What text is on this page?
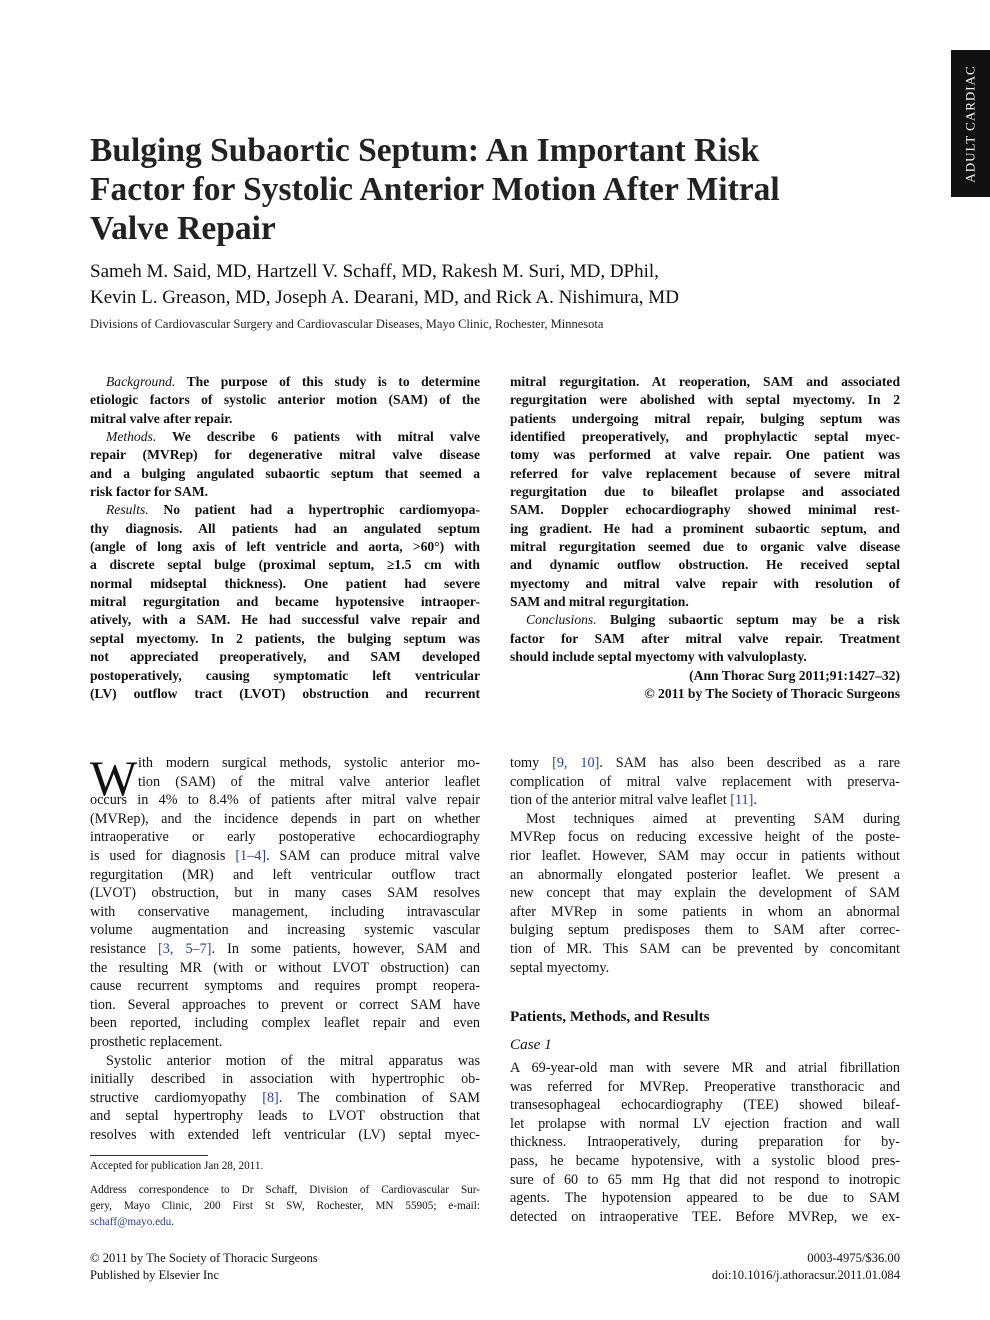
ADULT CARDIAC
Bulging Subaortic Septum: An Important Risk
Factor for Systolic Anterior Motion After Mitral
Valve Repair
Sameh M. Said, MD, Hartzell V. Schaff, MD, Rakesh M. Suri, MD, DPhil,
Kevin L. Greason, MD, Joseph A. Dearani, MD, and Rick A. Nishimura, MD
Divisions of Cardiovascular Surgery and Cardiovascular Diseases, Mayo Clinic, Rochester, Minnesota
Background. The purpose of this study is to determine
etiologic factors of systolic anterior motion (SAM) of the
mitral valve after repair.
Methods. We describe 6 patients with mitral valve
repair (MVRep) for degenerative mitral valve disease
and a bulging angulated subaortic septum that seemed a
risk factor for SAM.
Results. No patient had a hypertrophic cardiomyopa-
thy diagnosis. All patients had an angulated septum
(angle of long axis of left ventricle and aorta, >60°) with
a discrete septal bulge (proximal septum, ≥1.5 cm with
normal midseptal thickness). One patient had severe
mitral regurgitation and became hypotensive intraoper-
atively, with a SAM. He had successful valve repair and
septal myectomy. In 2 patients, the bulging septum was
not appreciated preoperatively, and SAM developed
postoperatively, causing symptomatic left ventricular
(LV) outflow tract (LVOT) obstruction and recurrent
mitral regurgitation. At reoperation, SAM and associated
regurgitation were abolished with septal myectomy. In 2
patients undergoing mitral repair, bulging septum was
identified preoperatively, and prophylactic septal myec-
tomy was performed at valve repair. One patient was
referred for valve replacement because of severe mitral
regurgitation due to bileaflet prolapse and associated
SAM. Doppler echocardiography showed minimal rest-
ing gradient. He had a prominent subaortic septum, and
mitral regurgitation seemed due to organic valve disease
and dynamic outflow obstruction. He received septal
myectomy and mitral valve repair with resolution of
SAM and mitral regurgitation.
Conclusions. Bulging subaortic septum may be a risk
factor for SAM after mitral valve repair. Treatment
should include septal myectomy with valvuloplasty.
(Ann Thorac Surg 2011;91:1427–32)
© 2011 by The Society of Thoracic Surgeons
W ith modern surgical methods, systolic anterior mo-
tion (SAM) of the mitral valve anterior leaflet
occurs in 4% to 8.4% of patients after mitral valve repair
(MVRep), and the incidence depends in part on whether
intraoperative or early postoperative echocardiography
is used for diagnosis [1–4]. SAM can produce mitral valve
regurgitation (MR) and left ventricular outflow tract
(LVOT) obstruction, but in many cases SAM resolves
with conservative management, including intravascular
volume augmentation and increasing systemic vascular
resistance [3, 5–7]. In some patients, however, SAM and
the resulting MR (with or without LVOT obstruction) can
cause recurrent symptoms and requires prompt reopera-
tion. Several approaches to prevent or correct SAM have
been reported, including complex leaflet repair and even
prosthetic replacement.
Systolic anterior motion of the mitral apparatus was
initially described in association with hypertrophic ob-
structive cardiomyopathy [8]. The combination of SAM
and septal hypertrophy leads to LVOT obstruction that
resolves with extended left ventricular (LV) septal myec-
tomy [9, 10]. SAM has also been described as a rare
complication of mitral valve replacement with preserva-
tion of the anterior mitral valve leaflet [11].
Most techniques aimed at preventing SAM during
MVRep focus on reducing excessive height of the poste-
rior leaflet. However, SAM may occur in patients without
an abnormally elongated posterior leaflet. We present a
new concept that may explain the development of SAM
after MVRep in some patients in whom an abnormal
bulging septum predisposes them to SAM after correc-
tion of MR. This SAM can be prevented by concomitant
septal myectomy.
Patients, Methods, and Results
Case 1
A 69-year-old man with severe MR and atrial fibrillation
was referred for MVRep. Preoperative transthoracic and
transesophageal echocardiography (TEE) showed bileaf-
let prolapse with normal LV ejection fraction and wall
thickness. Intraoperatively, during preparation for by-
pass, he became hypotensive, with a systolic blood pres-
sure of 60 to 65 mm Hg that did not respond to inotropic
agents. The hypotension appeared to be due to SAM
detected on intraoperative TEE. Before MVRep, we ex-
Accepted for publication Jan 28, 2011.
Address correspondence to Dr Schaff, Division of Cardiovascular Sur-
gery, Mayo Clinic, 200 First St SW, Rochester, MN 55905; e-mail:
schaff@mayo.edu.
© 2011 by The Society of Thoracic Surgeons
Published by Elsevier Inc
0003-4975/$36.00
doi:10.1016/j.athoracsur.2011.01.084
